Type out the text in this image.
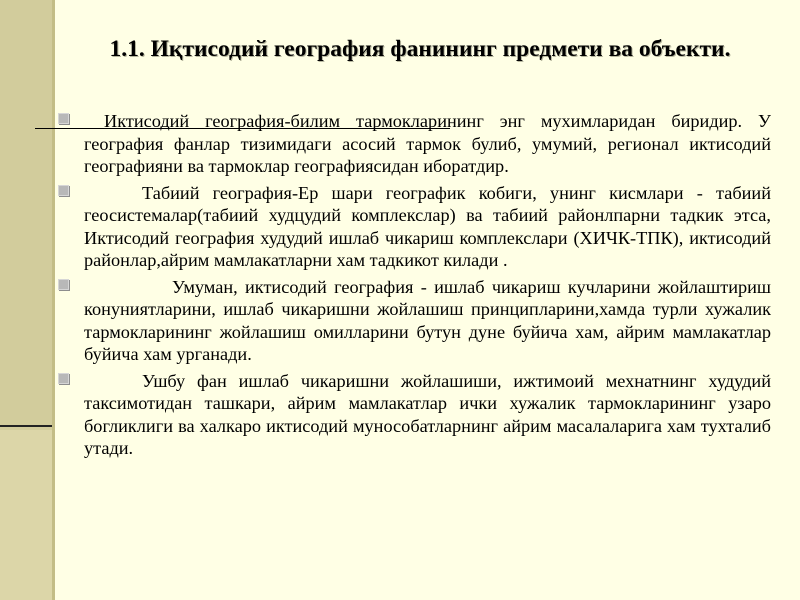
1.1. Иқтисодий география фанининг предмети ва объекти.
Иктисодий география-билим тармокларининг энг мухимларидан биридир. У география фанлар тизимидаги асосий тармок булиб, умумий, регионал иктисодий географияни ва тармоклар географиясидан иборатдир.
Табиий география-Ер шари географик кобиги, унинг кисмлари - табиий геосистемалар(табиий худцудий комплекслар) ва табиий районлпарни тадкик этса, Иктисодий география худудий ишлаб чикариш комплекслари (ХИЧК-ТПК), иктисодий районлар,айрим мамлакатларни хам тадкикот килади .
Умуман, иктисодий география - ишлаб чикариш кучларини жойлаштириш конуниятларини, ишлаб чикаришни жойлашиш принципларини,хамда турли хужалик тармокларининг жойлашиш омилларини бутун дуне буйича хам, айрим мамлакатлар буйича хам урганади.
Ушбу фан ишлаб чикаришни жойлашиши, ижтимоий мехнатнинг худудий таксимотидан ташкари, айрим мамлакатлар ички хужалик тармокларининг узаро богликлиги ва халкаро иктисодий мунособатларнинг айрим масалаларига хам тухталиб утади.
